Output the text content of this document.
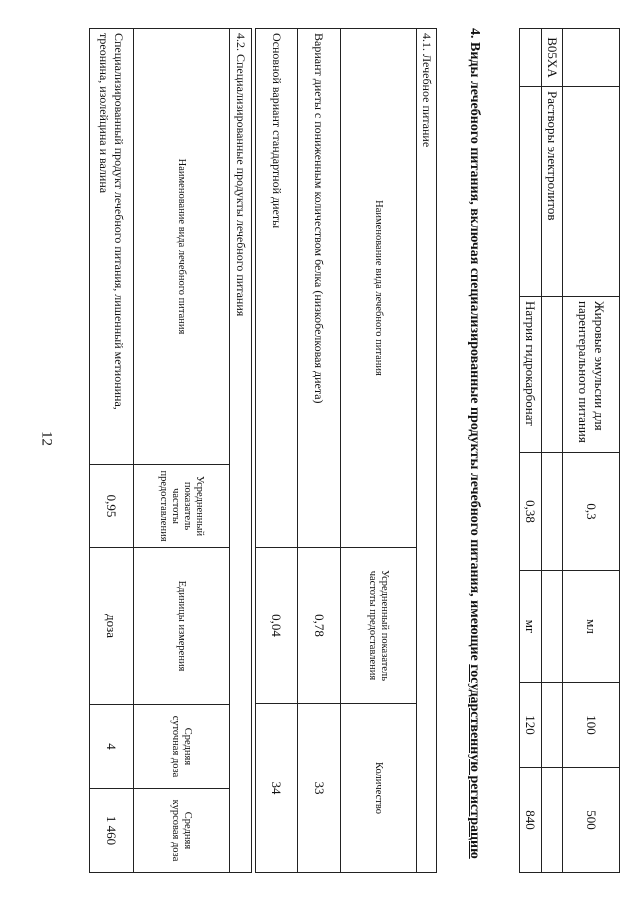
12
		Жировые эмульсии для парентерального питания	0,3	мл	100	500
B05XA	Растворы электролитов					
		Натрия гидрокарбонат	0,38	мг	120	840
4. Виды лечебного питания, включая специализированные продукты лечебного питания, имеющие государственную регистрацию
4.1. Лечебное питание		
Наименование вида лечебного питания	Усредненный показатель частоты предоставления	Количество
Вариант диеты с пониженным количеством белка (низкобелковая диета)	0,78	33
Основной вариант стандартной диеты	0,04	34
4.2. Специализированные продукты лечебного питания				
Наименование вида лечебного питания	Усредненный показатель частоты предоставления	Единицы измерения	Средняя суточная доза	Средняя курсовая доза
Специализированный продукт лечебного питания, лишенный метионина, треонина, изолейцина и валина	0,95	доза	4	1 460
